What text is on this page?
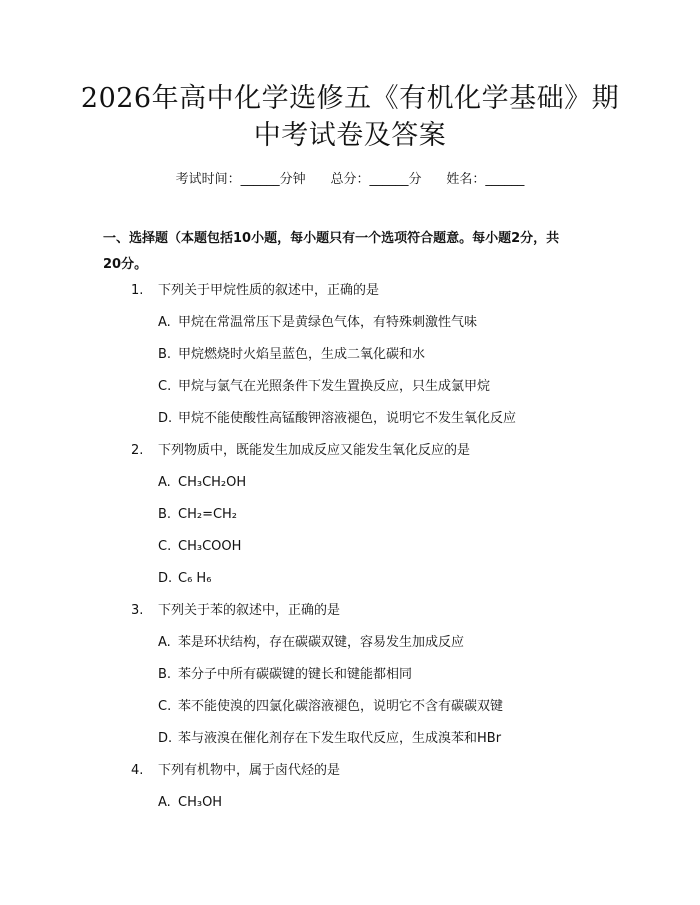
2026年高中化学选修五《有机化学基础》期
中考试卷及答案
考试时间：______分钟 总分：______分 姓名：______
一、选择题（本题包括10小题，每小题只有一个选项符合题意。每小题2分，共
20分。
1. 下列关于甲烷性质的叙述中，正确的是
A. 甲烷在常温常压下是黄绿色气体，有特殊刺激性气味
B. 甲烷燃烧时火焰呈蓝色，生成二氧化碳和水
C. 甲烷与氯气在光照条件下发生置换反应，只生成氯甲烷
D. 甲烷不能使酸性高锰酸钾溶液褪色，说明它不发生氧化反应
2. 下列物质中，既能发生加成反应又能发生氧化反应的是
A. CH₃CH₂OH
B. CH₂=CH₂
C. CH₃COOH
D. C₆ H₆
3. 下列关于苯的叙述中，正确的是
A. 苯是环状结构，存在碳碳双键，容易发生加成反应
B. 苯分子中所有碳碳键的键长和键能都相同
C. 苯不能使溴的四氯化碳溶液褪色，说明它不含有碳碳双键
D. 苯与液溴在催化剂存在下发生取代反应，生成溴苯和HBr
4. 下列有机物中，属于卤代烃的是
A. CH₃OH
